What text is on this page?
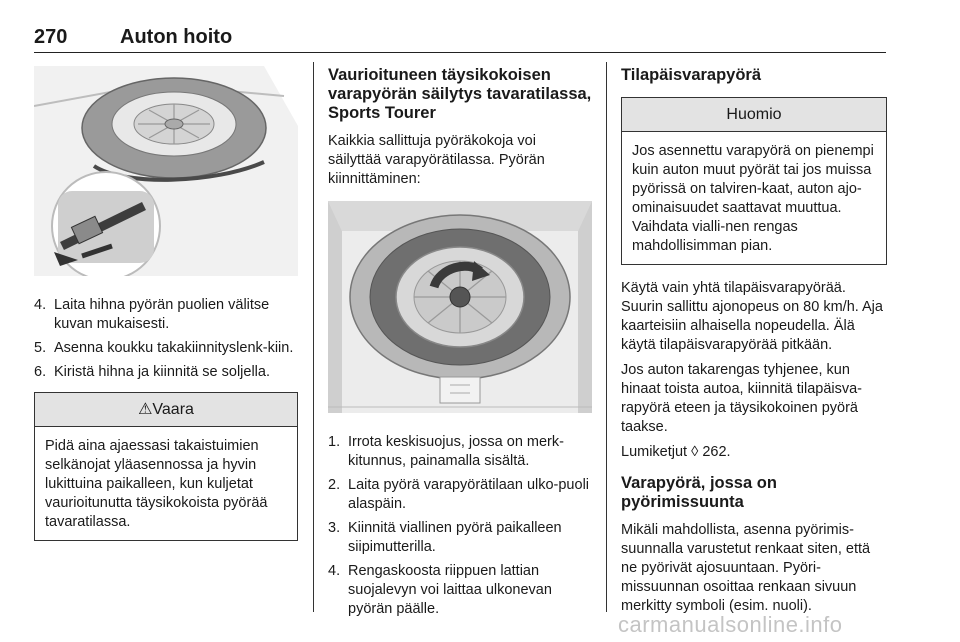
270	Auton hoito
4. Laita hihna pyörän puolien välitse kuvan mukaisesti.
5. Asenna koukku takakiinnityslenk-kiin.
6. Kiristä hihna ja kiinnitä se soljella.
⚠Vaara
Pidä aina ajaessasi takaistuimien selkänojat yläasennossa ja hyvin lukittuina paikalleen, kun kuljetat vaurioitunutta täysikokoista pyörää tavaratilassa.
Vaurioituneen täysikokoisen varapyörän säilytys tavaratilassa, Sports Tourer

Kaikkia sallittuja pyöräkokoja voi säilyttää varapyörätilassa. Pyörän kiinnittäminen:

1. Irrota keskisuojus, jossa on merk-kitunnus, painamalla sisältä.
2. Laita pyörä varapyörätilaan ulko-puoli alaspäin.
3. Kiinnitä viallinen pyörä paikalleen siipimutterilla.
4. Rengaskoosta riippuen lattian suojalevyn voi laittaa ulkonevan pyörän päälle.
Tilapäisvarapyörä
Huomio
Jos asennettu varapyörä on pienempi kuin auton muut pyörät tai jos muissa pyörissä on talviren-kaat, auton ajo-ominaisuudet saattavat muuttua. Vaihdata vialli-nen rengas mahdollisimman pian.

Käytä vain yhtä tilapäisvarapyörää. Suurin sallittu ajonopeus on 80 km/h. Aja kaarteisiin alhaisella nopeudella. Älä käytä tilapäisvarapyörää pitkään.

Jos auton takarengas tyhjenee, kun hinaat toista autoa, kiinnitä tilapäisva-rapyörä eteen ja täysikokoinen pyörä taakse.

Lumiketjut ◊ 262.

Varapyörä, jossa on pyörimissuunta

Mikäli mahdollista, asenna pyörimis-suunnalla varustetut renkaat siten, että ne pyörivät ajosuuntaan. Pyöri-missuunnan osoittaa renkaan sivuun merkitty symboli (esim. nuoli).

carmanualsonline.info
